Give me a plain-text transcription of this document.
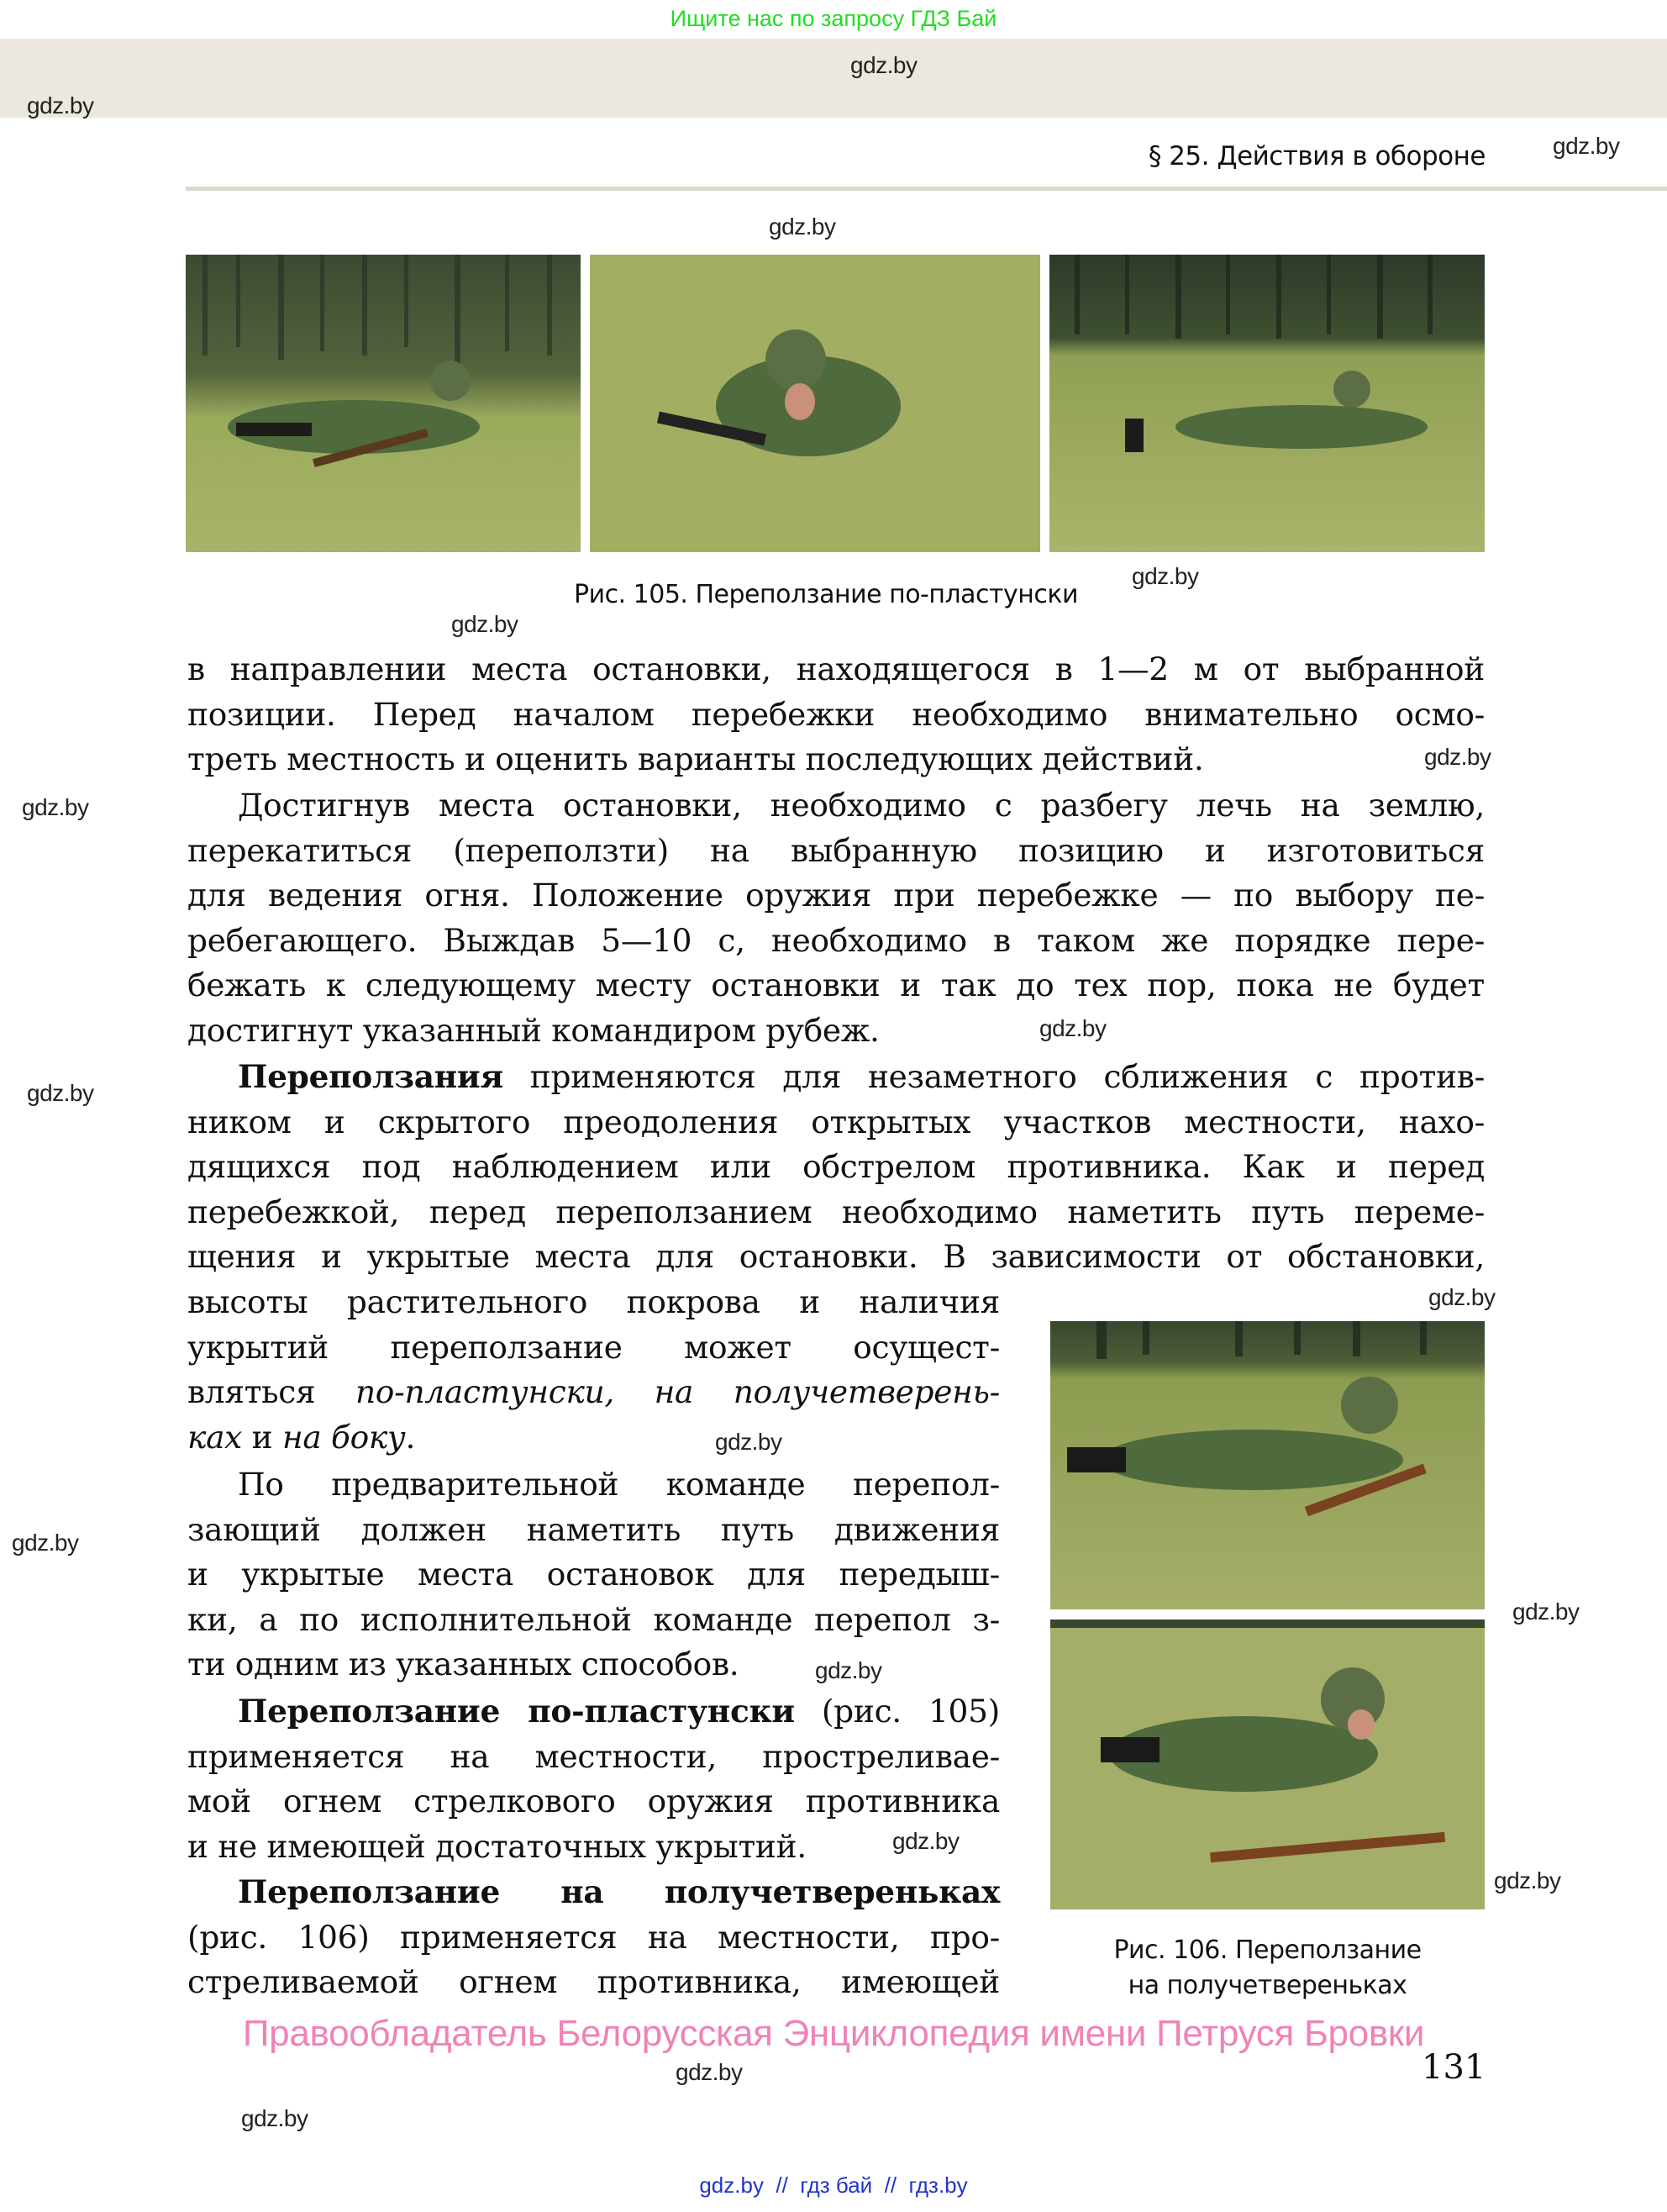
Ищите нас по запросу ГДЗ Бай
gdz.by
gdz.by
gdz.by
gdz.by
gdz.by
gdz.by
gdz.by
gdz.by
gdz.by
gdz.by
gdz.by
gdz.by
gdz.by
gdz.by
gdz.by
gdz.by
gdz.by
gdz.by
gdz.by
§ 25. Действия в обороне
Рис. 105. Переползание по-пластунски
в направлении места остановки, находящегося в 1—2 м от выбранной
позиции. Перед началом перебежки необходимо внимательно осмо-
треть местность и оценить варианты последующих действий.
Достигнув места остановки, необходимо с разбегу лечь на землю,
перекатиться (переползти) на выбранную позицию и изготовиться
для ведения огня. Положение оружия при перебежке — по выбору пе-
ребегающего. Выждав 5—10 с, необходимо в таком же порядке пере-
бежать к следующему месту остановки и так до тех пор, пока не будет
достигнут указанный командиром рубеж.
Переползания применяются для незаметного сближения с против-
ником и скрытого преодоления открытых участков местности, нахо-
дящихся под наблюдением или обстрелом противника. Как и перед
перебежкой, перед переползанием необходимо наметить путь переме-
щения и укрытые места для остановки. В зависимости от обстановки,
высоты растительного покрова и наличия
укрытий переползание может осущест-
вляться по-пластунски, на получетверень-
ках и на боку.
По предварительной команде перепол-
зающий должен наметить путь движения
и укрытые места остановок для передыш-
ки, а по исполнительной команде перепол з-
ти одним из указанных способов.
Переползание по-пластунски (рис. 105)
применяется на местности, простреливае-
мой огнем стрелкового оружия противника
и не имеющей достаточных укрытий.
Переползание на получетвереньках
(рис. 106) применяется на местности, про-
стреливаемой огнем противника, имеющей
Рис. 106. Переползание
на получетвереньках
Правообладатель Белорусская Энциклопедия имени Петруся Бровки
131
gdz.by  //  гдз бай  //  гдз.by
